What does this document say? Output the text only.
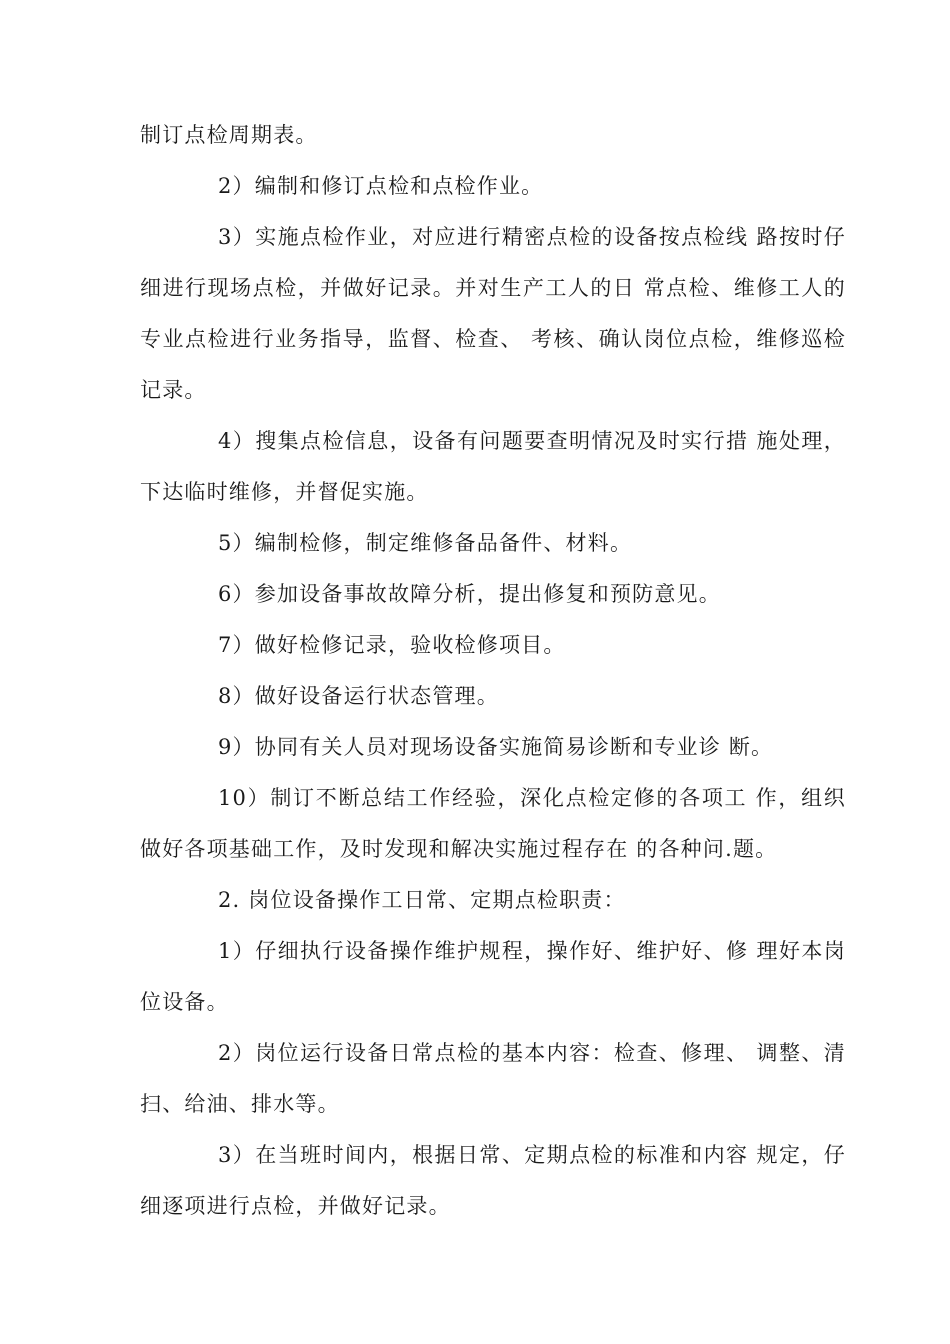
制订点检周期表。

2）编制和修订点检和点检作业。

3）实施点检作业，对应进行精密点检的设备按点检线 路按时仔细进行现场点检，并做好记录。并对生产工人的日 常点检、维修工人的专业点检进行业务指导，监督、检查、 考核、确认岗位点检，维修巡检记录。

4）搜集点检信息，设备有问题要查明情况及时实行措 施处理，下达临时维修，并督促实施。

5）编制检修，制定维修备品备件、材料。

6）参加设备事故故障分析，提出修复和预防意见。

7）做好检修记录，验收检修项目。

8）做好设备运行状态管理。

9）协同有关人员对现场设备实施简易诊断和专业诊 断。

10）制订不断总结工作经验，深化点检定修的各项工 作，组织做好各项基础工作，及时发现和解决实施过程存在 的各种问.题。

2. 岗位设备操作工日常、定期点检职责：

1）仔细执行设备操作维护规程，操作好、维护好、修 理好本岗位设备。

2）岗位运行设备日常点检的基本内容：检查、修理、 调整、清扫、给油、排水等。

3）在当班时间内，根据日常、定期点检的标准和内容 规定，仔细逐项进行点检，并做好记录。
